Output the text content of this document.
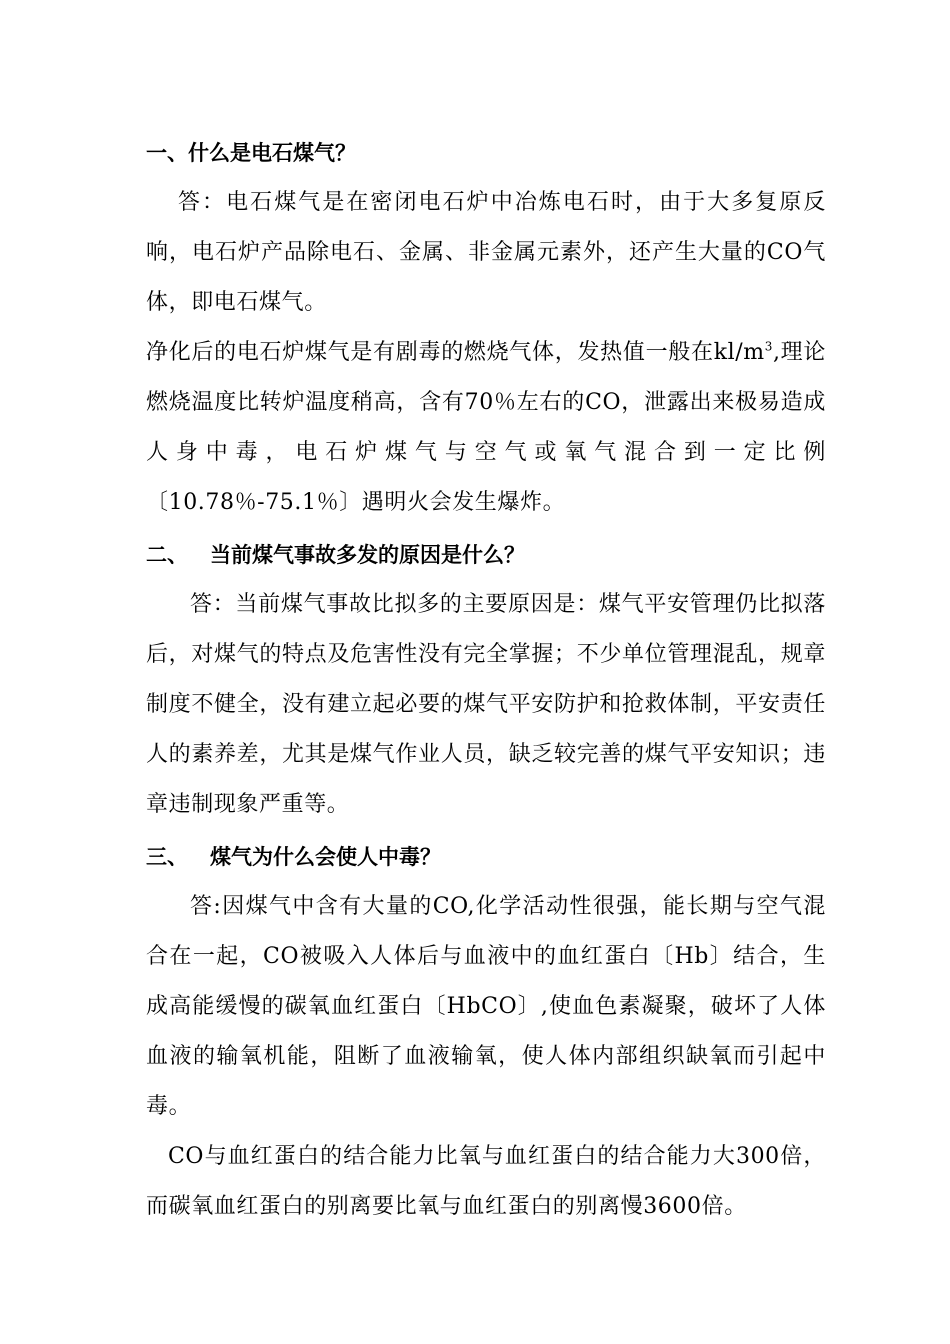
一、什么是电石煤气？

答：电石煤气是在密闭电石炉中冶炼电石时，由于大多复原反响，电石炉产品除电石、金属、非金属元素外，还产生大量的CO气体，即电石煤气。

净化后的电石炉煤气是有剧毒的燃烧气体，发热值一般在$kl/m^3$,理论燃烧温度比转炉温度稍高，含有70％左右的CO，泄露出来极易造成人身中毒，电石炉煤气与空气或氧气混合到一定比例〔10.78％-75.1％〕遇明火会发生爆炸。

二、 当前煤气事故多发的原因是什么？

答：当前煤气事故比拟多的主要原因是：煤气平安管理仍比拟落后，对煤气的特点及危害性没有完全掌握；不少单位管理混乱，规章制度不健全，没有建立起必要的煤气平安防护和抢救体制，平安责任人的素养差，尤其是煤气作业人员，缺乏较完善的煤气平安知识；违章违制现象严重等。

三、 煤气为什么会使人中毒？

答:因煤气中含有大量的CO,化学活动性很强，能长期与空气混合在一起，CO被吸入人体后与血液中的血红蛋白〔Hb〕结合，生成高能缓慢的碳氧血红蛋白〔HbCO〕,使血色素凝聚，破坏了人体血液的输氧机能，阻断了血液输氧，使人体内部组织缺氧而引起中毒。

CO与血红蛋白的结合能力比氧与血红蛋白的结合能力大300倍，而碳氧血红蛋白的别离要比氧与血红蛋白的别离慢3600倍。
